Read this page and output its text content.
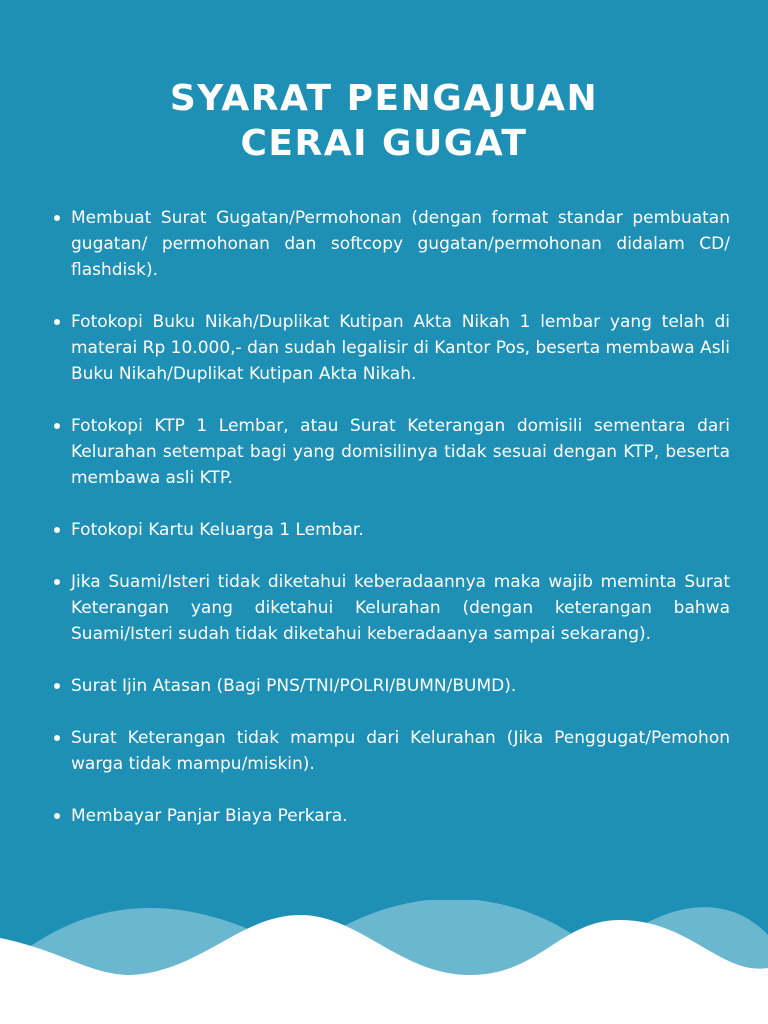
SYARAT PENGAJUAN
CERAI GUGAT
Membuat Surat Gugatan/Permohonan (dengan format standar pembuatan gugatan/ permohonan dan softcopy gugatan/permohonan didalam CD/ flashdisk).
Fotokopi Buku Nikah/Duplikat Kutipan Akta Nikah 1 lembar yang telah di materai Rp 10.000,- dan sudah legalisir di Kantor Pos, beserta membawa Asli Buku Nikah/Duplikat Kutipan Akta Nikah.
Fotokopi KTP 1 Lembar, atau Surat Keterangan domisili sementara dari Kelurahan setempat bagi yang domisilinya tidak sesuai dengan KTP, beserta membawa asli KTP.
Fotokopi Kartu Keluarga 1 Lembar.
Jika Suami/Isteri tidak diketahui keberadaannya maka wajib meminta Surat Keterangan yang diketahui Kelurahan (dengan keterangan bahwa Suami/Isteri sudah tidak diketahui keberadaanya sampai sekarang).
Surat Ijin Atasan (Bagi PNS/TNI/POLRI/BUMN/BUMD).
Surat Keterangan tidak mampu dari Kelurahan (Jika Penggugat/Pemohon warga tidak mampu/miskin).
Membayar Panjar Biaya Perkara.
